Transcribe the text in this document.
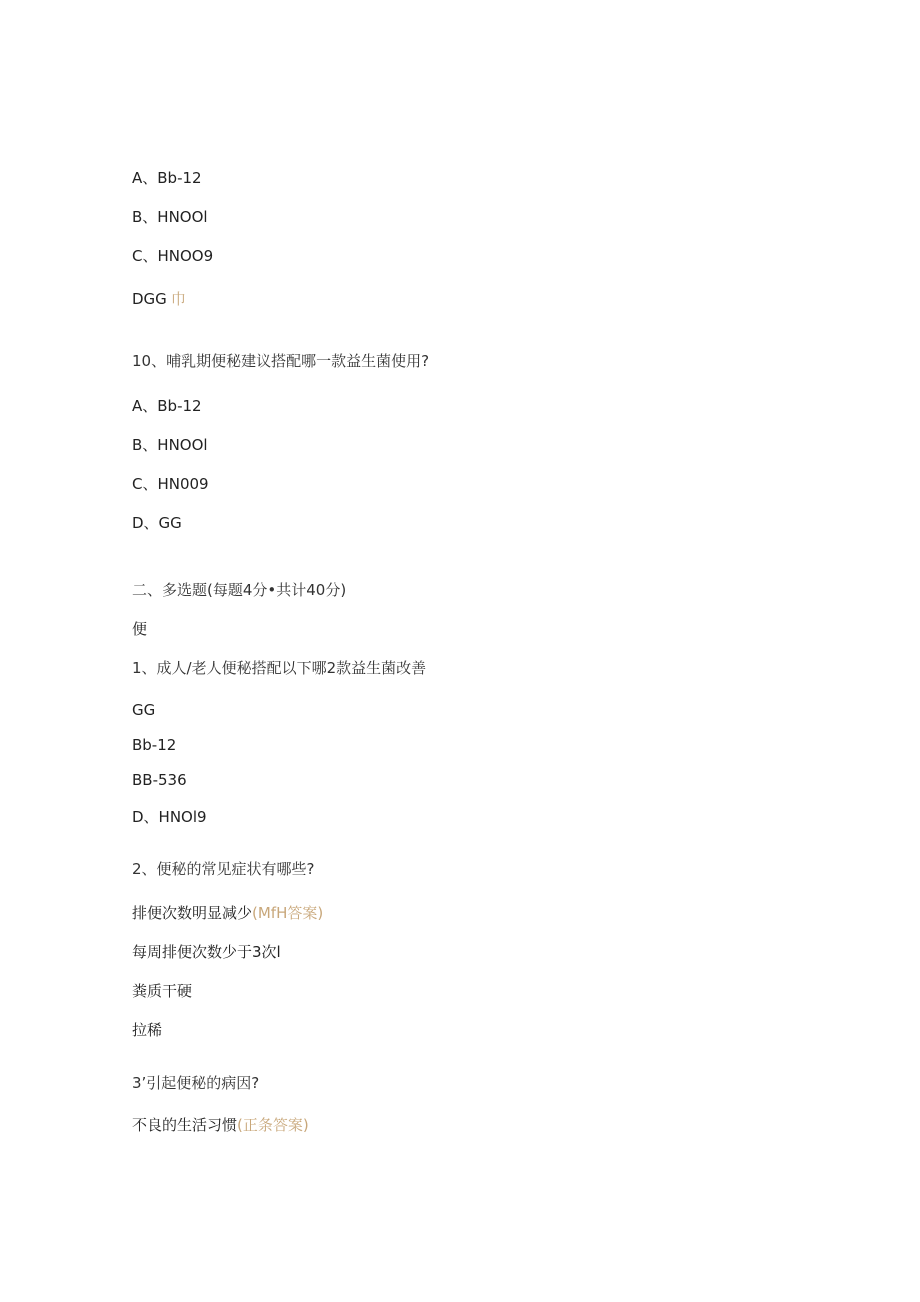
A、Bb-12
B、HNOOl
C、HNOO9
DGG 巾
10、哺乳期便秘建议搭配哪一款益生菌使用?
A、Bb-12
B、HNOOl
C、HN009
D、GG
二、多选题(每题4分•共计40分)
便
1、成人/老人便秘搭配以下哪2款益生菌改善
GG
Bb-12
BB-536
D、HNOl9
2、便秘的常见症状有哪些?
排便次数明显减少(MfH答案)
每周排便次数少于3次l
粪质干硬
拉稀
3’引起便秘的病因?
不良的生活习惯(正条答案)
